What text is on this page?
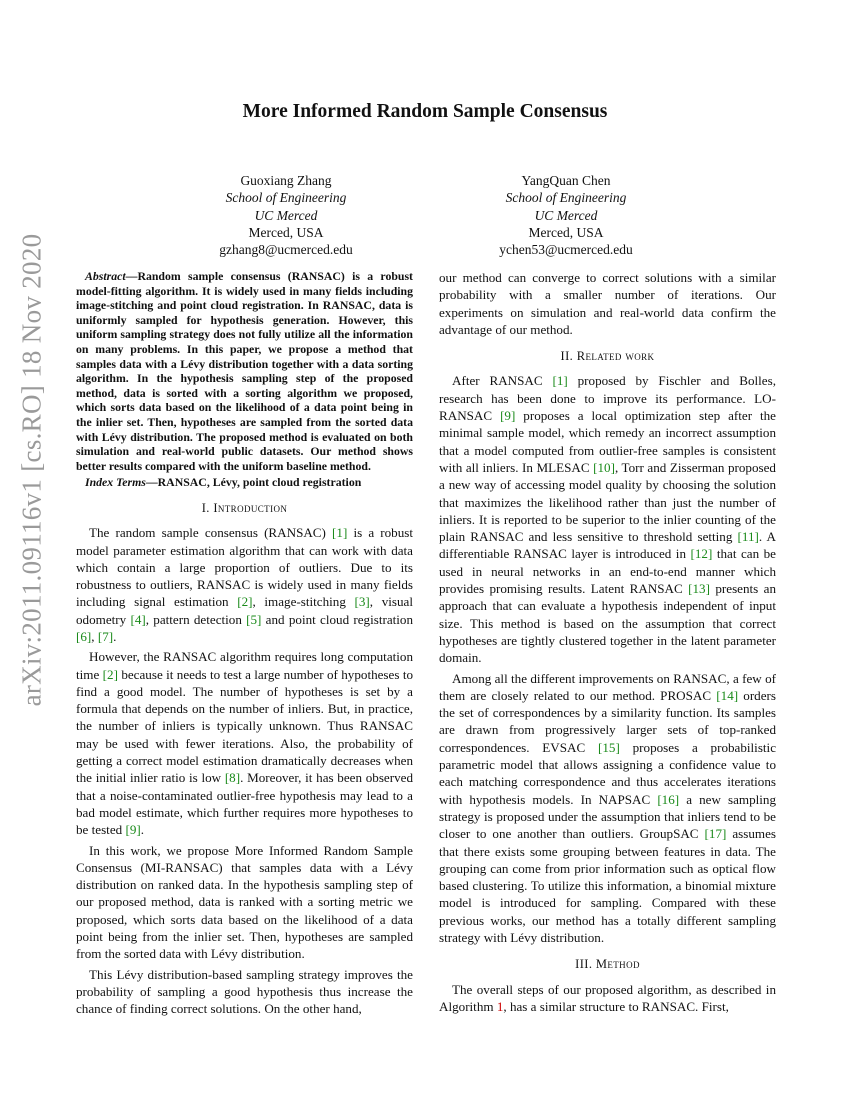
arXiv:2011.09116v1 [cs.RO] 18 Nov 2020
More Informed Random Sample Consensus
Guoxiang Zhang
School of Engineering
UC Merced
Merced, USA
gzhang8@ucmerced.edu
YangQuan Chen
School of Engineering
UC Merced
Merced, USA
ychen53@ucmerced.edu

Abstract—Random sample consensus (RANSAC) is a robust model-fitting algorithm. It is widely used in many fields including image-stitching and point cloud registration. In RANSAC, data is uniformly sampled for hypothesis generation. However, this uniform sampling strategy does not fully utilize all the information on many problems. In this paper, we propose a method that samples data with a Lévy distribution together with a data sorting algorithm. In the hypothesis sampling step of the proposed method, data is sorted with a sorting algorithm we proposed, which sorts data based on the likelihood of a data point being in the inlier set. Then, hypotheses are sampled from the sorted data with Lévy distribution. The proposed method is evaluated on both simulation and real-world public datasets. Our method shows better results compared with the uniform baseline method.

Index Terms—RANSAC, Lévy, point cloud registration

I. Introduction

The random sample consensus (RANSAC) [1] is a robust model parameter estimation algorithm that can work with data which contain a large proportion of outliers. Due to its robustness to outliers, RANSAC is widely used in many fields including signal estimation [2], image-stitching [3], visual odometry [4], pattern detection [5] and point cloud registration [6], [7].

However, the RANSAC algorithm requires long computation time [2] because it needs to test a large number of hypotheses to find a good model. The number of hypotheses is set by a formula that depends on the number of inliers. But, in practice, the number of inliers is typically unknown. Thus RANSAC may be used with fewer iterations. Also, the probability of getting a correct model estimation dramatically decreases when the initial inlier ratio is low [8]. Moreover, it has been observed that a noise-contaminated outlier-free hypothesis may lead to a bad model estimate, which further requires more hypotheses to be tested [9].

In this work, we propose More Informed Random Sample Consensus (MI-RANSAC) that samples data with a Lévy distribution on ranked data. In the hypothesis sampling step of our proposed method, data is ranked with a sorting metric we proposed, which sorts data based on the likelihood of a data point being from the inlier set. Then, hypotheses are sampled from the sorted data with Lévy distribution.

This Lévy distribution-based sampling strategy improves the probability of sampling a good hypothesis thus increase the chance of finding correct solutions. On the other hand,

our method can converge to correct solutions with a similar probability with a smaller number of iterations. Our experiments on simulation and real-world data confirm the advantage of our method.

II. Related work

After RANSAC [1] proposed by Fischler and Bolles, research has been done to improve its performance. LO-RANSAC [9] proposes a local optimization step after the minimal sample model, which remedy an incorrect assumption that a model computed from outlier-free samples is consistent with all inliers. In MLESAC [10], Torr and Zisserman proposed a new way of accessing model quality by choosing the solution that maximizes the likelihood rather than just the number of inliers. It is reported to be superior to the inlier counting of the plain RANSAC and less sensitive to threshold setting [11]. A differentiable RANSAC layer is introduced in [12] that can be used in neural networks in an end-to-end manner which provides promising results. Latent RANSAC [13] presents an approach that can evaluate a hypothesis independent of input size. This method is based on the assumption that correct hypotheses are tightly clustered together in the latent parameter domain.

Among all the different improvements on RANSAC, a few of them are closely related to our method. PROSAC [14] orders the set of correspondences by a similarity function. Its samples are drawn from progressively larger sets of top-ranked correspondences. EVSAC [15] proposes a probabilistic parametric model that allows assigning a confidence value to each matching correspondence and thus accelerates iterations with hypothesis models. In NAPSAC [16] a new sampling strategy is proposed under the assumption that inliers tend to be closer to one another than outliers. GroupSAC [17] assumes that there exists some grouping between features in data. The grouping can come from prior information such as optical flow based clustering. To utilize this information, a binomial mixture model is introduced for sampling. Compared with these previous works, our method has a totally different sampling strategy with Lévy distribution.

III. Method

The overall steps of our proposed algorithm, as described in Algorithm 1, has a similar structure to RANSAC. First,
